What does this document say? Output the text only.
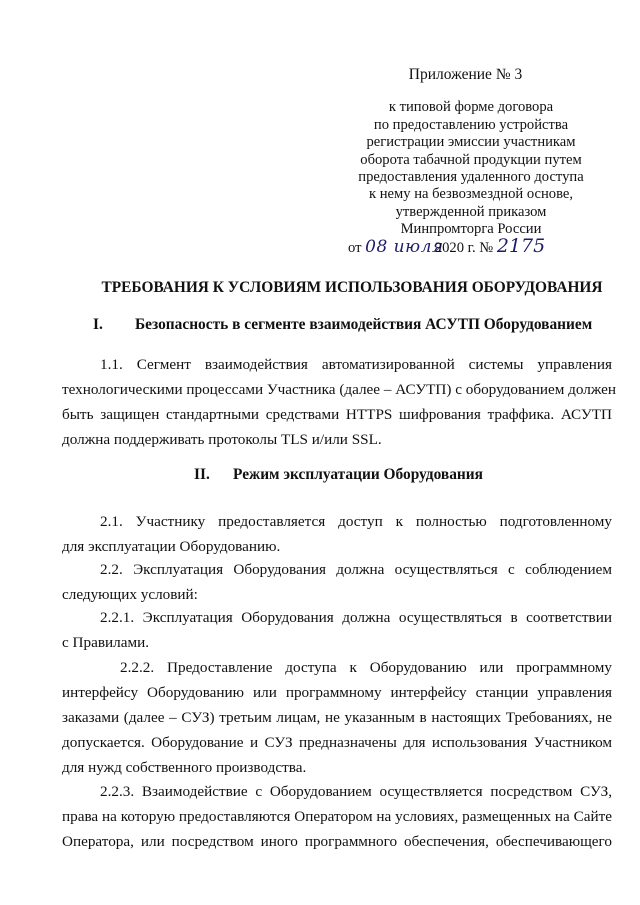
Приложение № 3
к типовой форме договора
по предоставлению устройства
регистрации эмиссии участникам
оборота табачной продукции путем
предоставления удаленного доступа
к нему на безвозмездной основе,
утвержденной приказом
Минпромторга России
от 08 июля 2020 г. № 2175
ТРЕБОВАНИЯ К УСЛОВИЯМ ИСПОЛЬЗОВАНИЯ ОБОРУДОВАНИЯ
I. Безопасность в сегменте взаимодействия АСУТП Оборудованием
1.1. Сегмент взаимодействия автоматизированной системы управления
технологическими процессами Участника (далее – АСУТП) с оборудованием должен
быть защищен стандартными средствами HTTPS шифрования траффика. АСУТП
должна поддерживать протоколы TLS и/или SSL.
II. Режим эксплуатации Оборудования
2.1. Участнику предоставляется доступ к полностью подготовленному
для эксплуатации Оборудованию.
2.2. Эксплуатация Оборудования должна осуществляться с соблюдением
следующих условий:
2.2.1. Эксплуатация Оборудования должна осуществляться в соответствии
с Правилами.
2.2.2. Предоставление доступа к Оборудованию или программному
интерфейсу Оборудованию или программному интерфейсу станции управления
заказами (далее – СУЗ) третьим лицам, не указанным в настоящих Требованиях, не
допускается. Оборудование и СУЗ предназначены для использования Участником
для нужд собственного производства.
2.2.3. Взаимодействие с Оборудованием осуществляется посредством СУЗ,
права на которую предоставляются Оператором на условиях, размещенных на Сайте
Оператора, или посредством иного программного обеспечения, обеспечивающего
